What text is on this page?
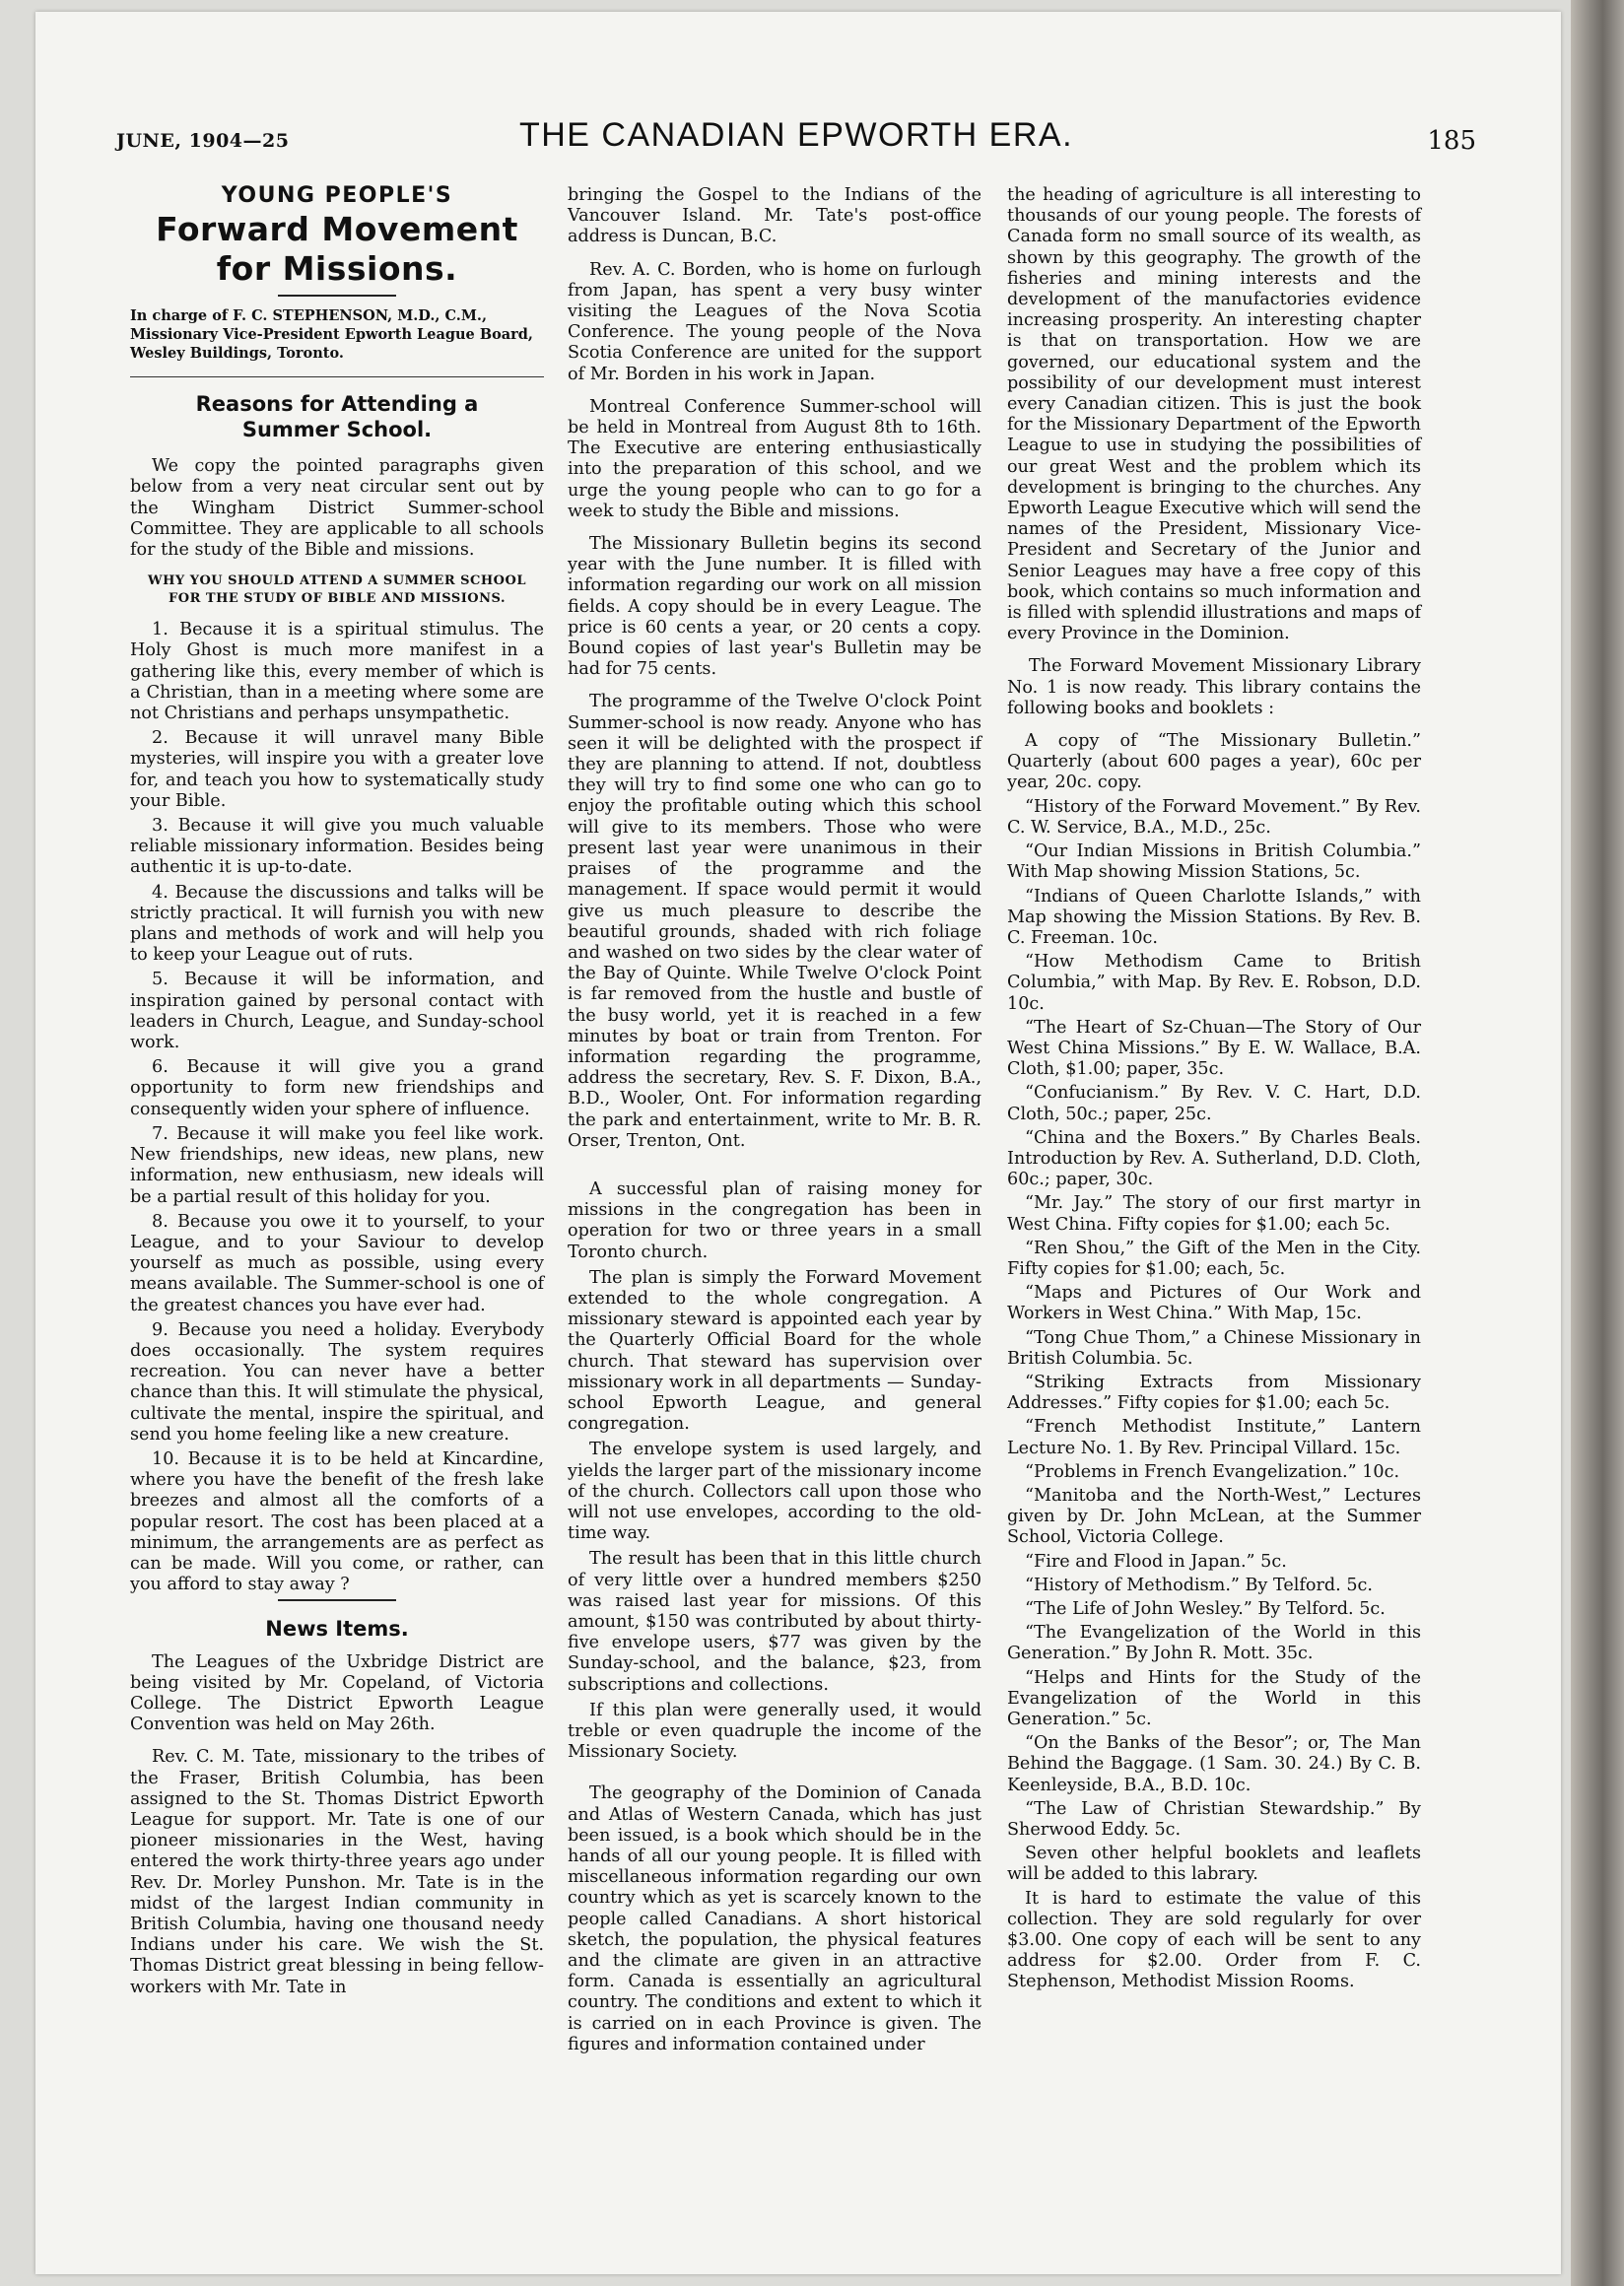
JUNE, 1904—25	THE CANADIAN EPWORTH ERA.	185
YOUNG PEOPLE'S
Forward Movement
for Missions.

In charge of F. C. STEPHENSON, M.D., C.M., Missionary Vice-President Epworth League Board, Wesley Buildings, Toronto.

Reasons for Attending a
Summer School.

We copy the pointed paragraphs given below from a very neat circular sent out by the Wingham District Summer-school Committee. They are applicable to all schools for the study of the Bible and missions.

WHY YOU SHOULD ATTEND A SUMMER SCHOOL
FOR THE STUDY OF BIBLE AND MISSIONS.

1. Because it is a spiritual stimulus. The Holy Ghost is much more manifest in a gathering like this, every member of which is a Christian, than in a meeting where some are not Christians and perhaps unsympathetic.

2. Because it will unravel many Bible mysteries, will inspire you with a greater love for, and teach you how to systematically study your Bible.

3. Because it will give you much valuable reliable missionary information. Besides being authentic it is up-to-date.

4. Because the discussions and talks will be strictly practical. It will furnish you with new plans and methods of work and will help you to keep your League out of ruts.

5. Because it will be information, and inspiration gained by personal contact with leaders in Church, League, and Sunday-school work.

6. Because it will give you a grand opportunity to form new friendships and consequently widen your sphere of influence.

7. Because it will make you feel like work. New friendships, new ideas, new plans, new information, new enthusiasm, new ideals will be a partial result of this holiday for you.

8. Because you owe it to yourself, to your League, and to your Saviour to develop yourself as much as possible, using every means available. The Summer-school is one of the greatest chances you have ever had.

9. Because you need a holiday. Everybody does occasionally. The system requires recreation. You can never have a better chance than this. It will stimulate the physical, cultivate the mental, inspire the spiritual, and send you home feeling like a new creature.

10. Because it is to be held at Kincardine, where you have the benefit of the fresh lake breezes and almost all the comforts of a popular resort. The cost has been placed at a minimum, the arrangements are as perfect as can be made. Will you come, or rather, can you afford to stay away ?

News Items.

The Leagues of the Uxbridge District are being visited by Mr. Copeland, of Victoria College. The District Epworth League Convention was held on May 26th.

Rev. C. M. Tate, missionary to the tribes of the Fraser, British Columbia, has been assigned to the St. Thomas District Epworth League for support. Mr. Tate is one of our pioneer missionaries in the West, having entered the work thirty-three years ago under Rev. Dr. Morley Punshon. Mr. Tate is in the midst of the largest Indian community in British Columbia, having one thousand needy Indians under his care. We wish the St. Thomas District great blessing in being fellow-workers with Mr. Tate in

bringing the Gospel to the Indians of the Vancouver Island. Mr. Tate's post-office address is Duncan, B.C.

Rev. A. C. Borden, who is home on furlough from Japan, has spent a very busy winter visiting the Leagues of the Nova Scotia Conference. The young people of the Nova Scotia Conference are united for the support of Mr. Borden in his work in Japan.

Montreal Conference Summer-school will be held in Montreal from August 8th to 16th. The Executive are entering enthusiastically into the preparation of this school, and we urge the young people who can to go for a week to study the Bible and missions.

The Missionary Bulletin begins its second year with the June number. It is filled with information regarding our work on all mission fields. A copy should be in every League. The price is 60 cents a year, or 20 cents a copy. Bound copies of last year's Bulletin may be had for 75 cents.

The programme of the Twelve O'clock Point Summer-school is now ready. Anyone who has seen it will be delighted with the prospect if they are planning to attend. If not, doubtless they will try to find some one who can go to enjoy the profitable outing which this school will give to its members. Those who were present last year were unanimous in their praises of the programme and the management. If space would permit it would give us much pleasure to describe the beautiful grounds, shaded with rich foliage and washed on two sides by the clear water of the Bay of Quinte. While Twelve O'clock Point is far removed from the hustle and bustle of the busy world, yet it is reached in a few minutes by boat or train from Trenton. For information regarding the programme, address the secretary, Rev. S. F. Dixon, B.A., B.D., Wooler, Ont. For information regarding the park and entertainment, write to Mr. B. R. Orser, Trenton, Ont.

A successful plan of raising money for missions in the congregation has been in operation for two or three years in a small Toronto church.

The plan is simply the Forward Movement extended to the whole congregation. A missionary steward is appointed each year by the Quarterly Official Board for the whole church. That steward has supervision over missionary work in all departments — Sunday-school Epworth League, and general congregation.

The envelope system is used largely, and yields the larger part of the missionary income of the church. Collectors call upon those who will not use envelopes, according to the old-time way.

The result has been that in this little church of very little over a hundred members $250 was raised last year for missions. Of this amount, $150 was contributed by about thirty-five envelope users, $77 was given by the Sunday-school, and the balance, $23, from subscriptions and collections.

If this plan were generally used, it would treble or even quadruple the income of the Missionary Society.

The geography of the Dominion of Canada and Atlas of Western Canada, which has just been issued, is a book which should be in the hands of all our young people. It is filled with miscellaneous information regarding our own country which as yet is scarcely known to the people called Canadians. A short historical sketch, the population, the physical features and the climate are given in an attractive form. Canada is essentially an agricultural country. The conditions and extent to which it is carried on in each Province is given. The figures and information contained under

the heading of agriculture is all interesting to thousands of our young people. The forests of Canada form no small source of its wealth, as shown by this geography. The growth of the fisheries and mining interests and the development of the manufactories evidence increasing prosperity. An interesting chapter is that on transportation. How we are governed, our educational system and the possibility of our development must interest every Canadian citizen. This is just the book for the Missionary Department of the Epworth League to use in studying the possibilities of our great West and the problem which its development is bringing to the churches. Any Epworth League Executive which will send the names of the President, Missionary Vice-President and Secretary of the Junior and Senior Leagues may have a free copy of this book, which contains so much information and is filled with splendid illustrations and maps of every Province in the Dominion.

The Forward Movement Missionary Library No. 1 is now ready. This library contains the following books and booklets :

A copy of “The Missionary Bulletin.” Quarterly (about 600 pages a year), 60c per year, 20c. copy.

“History of the Forward Movement.” By Rev. C. W. Service, B.A., M.D., 25c.

“Our Indian Missions in British Columbia.” With Map showing Mission Stations, 5c.

“Indians of Queen Charlotte Islands,” with Map showing the Mission Stations. By Rev. B. C. Freeman. 10c.

“How Methodism Came to British Columbia,” with Map. By Rev. E. Robson, D.D. 10c.

“The Heart of Sz-Chuan—The Story of Our West China Missions.” By E. W. Wallace, B.A. Cloth, $1.00; paper, 35c.

“Confucianism.” By Rev. V. C. Hart, D.D. Cloth, 50c.; paper, 25c.

“China and the Boxers.” By Charles Beals. Introduction by Rev. A. Sutherland, D.D. Cloth, 60c.; paper, 30c.

“Mr. Jay.” The story of our first martyr in West China. Fifty copies for $1.00; each 5c.

“Ren Shou,” the Gift of the Men in the City. Fifty copies for $1.00; each, 5c.

“Maps and Pictures of Our Work and Workers in West China.” With Map, 15c.

“Tong Chue Thom,” a Chinese Missionary in British Columbia. 5c.

“Striking Extracts from Missionary Addresses.” Fifty copies for $1.00; each 5c.

“French Methodist Institute,” Lantern Lecture No. 1. By Rev. Principal Villard. 15c.

“Problems in French Evangelization.” 10c.

“Manitoba and the North-West,” Lectures given by Dr. John McLean, at the Summer School, Victoria College.

“Fire and Flood in Japan.” 5c.

“History of Methodism.” By Telford. 5c.

“The Life of John Wesley.” By Telford. 5c.

“The Evangelization of the World in this Generation.” By John R. Mott. 35c.

“Helps and Hints for the Study of the Evangelization of the World in this Generation.” 5c.

“On the Banks of the Besor”; or, The Man Behind the Baggage. (1 Sam. 30. 24.) By C. B. Keenleyside, B.A., B.D. 10c.

“The Law of Christian Stewardship.” By Sherwood Eddy. 5c.

Seven other helpful booklets and leaflets will be added to this labrary.

It is hard to estimate the value of this collection. They are sold regularly for over $3.00. One copy of each will be sent to any address for $2.00. Order from F. C. Stephenson, Methodist Mission Rooms.
